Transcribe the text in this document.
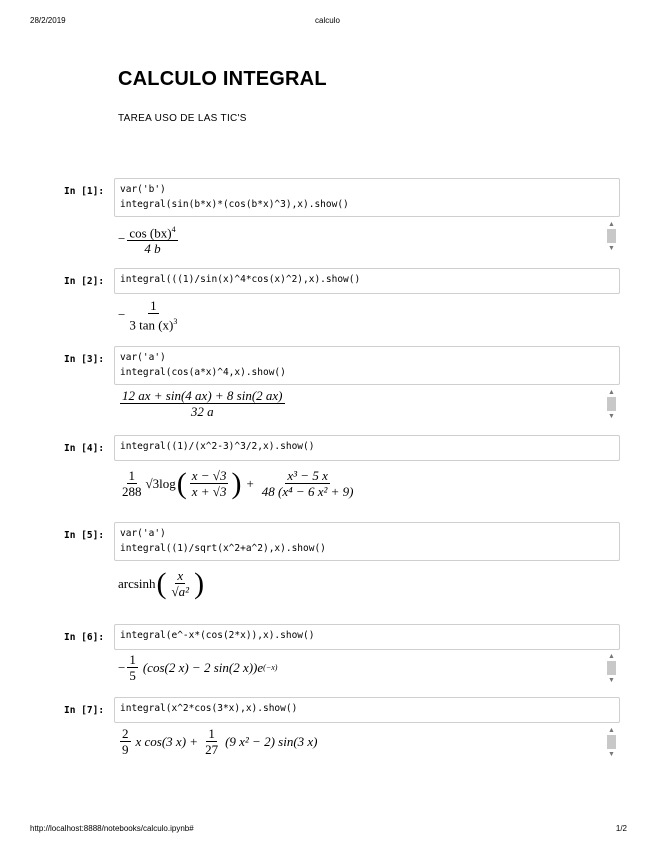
28/2/2019	calculo
CALCULO INTEGRAL
TAREA USO DE LAS TIC'S
In [1]: var('b')
integral(sin(b*x)*(cos(b*x)^3),x).show()
− $\frac{\cos (bx)^4}{4 b}$	▲
▼
In [2]: integral(((1)/sin(x)^4*cos(x)^2),x).show()
− $\frac{1}{3 \tan (x)^3}$
In [3]: var('a')
integral(cos(a*x)^4,x).show()
$\frac{12 ax + \sin(4 ax) + 8 \sin(2 ax)}{32 a}$	▲
▼
In [4]: integral((1)/(x^2-3)^3/2,x).show()
$\frac{1}{288} √3$ log ( $\frac{x - √3}{x + √3}$ ) + $\frac{\text{x³ − 5 x}}{\text{48 (x⁴ − 6 x² + 9)}}$
In [5]: var('a')
integral((1)/sqrt(x^2+a^2),x).show()
arcsinh ( $\frac{x}{\text{√a²}}$ )
In [6]: integral(e^-x*(cos(2*x)),x).show()
− $\frac{1}{5} (\cos(2$ x) − 2 sin(2 x))e (−x)
▲
▼
In [7]: integral(x^2*cos(3*x),x).show()
$\frac{2}{9}$ x cos(3 $x) + \frac{1}{27} (9$ x² − 2) sin(3 x)
▲
▼
http://localhost:8888/notebooks/calculo.ipynb#	1/2
